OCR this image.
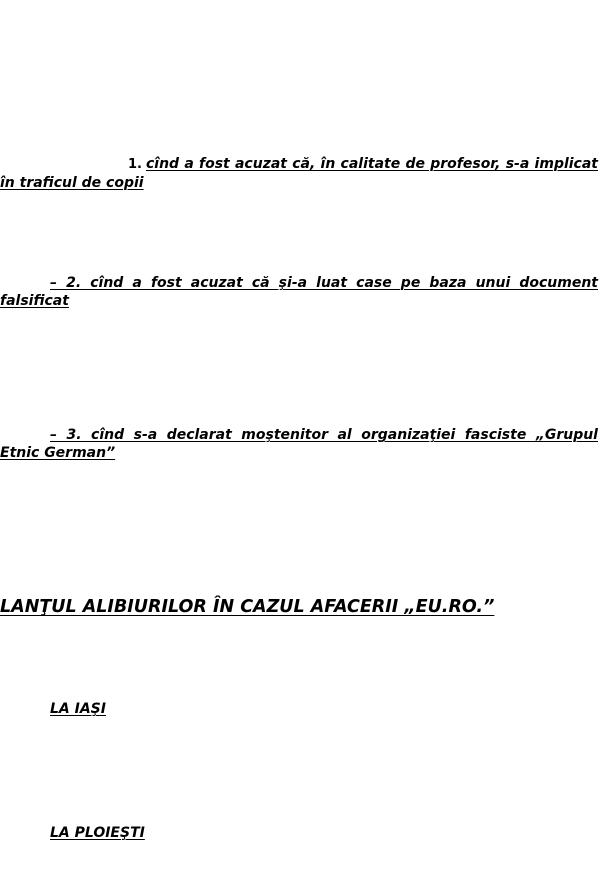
1. cînd a fost acuzat că, în calitate de profesor, s-a implicat în traficul de copii

– 2. cînd a fost acuzat că şi-a luat case pe baza unui document falsificat

– 3. cînd s-a declarat moştenitor al organizaţiei fasciste „Grupul Etnic German”

LANŢUL ALIBIURILOR ÎN CAZUL AFACERII „EU.RO.”
LA IAŞI
LA PLOIEŞTI
